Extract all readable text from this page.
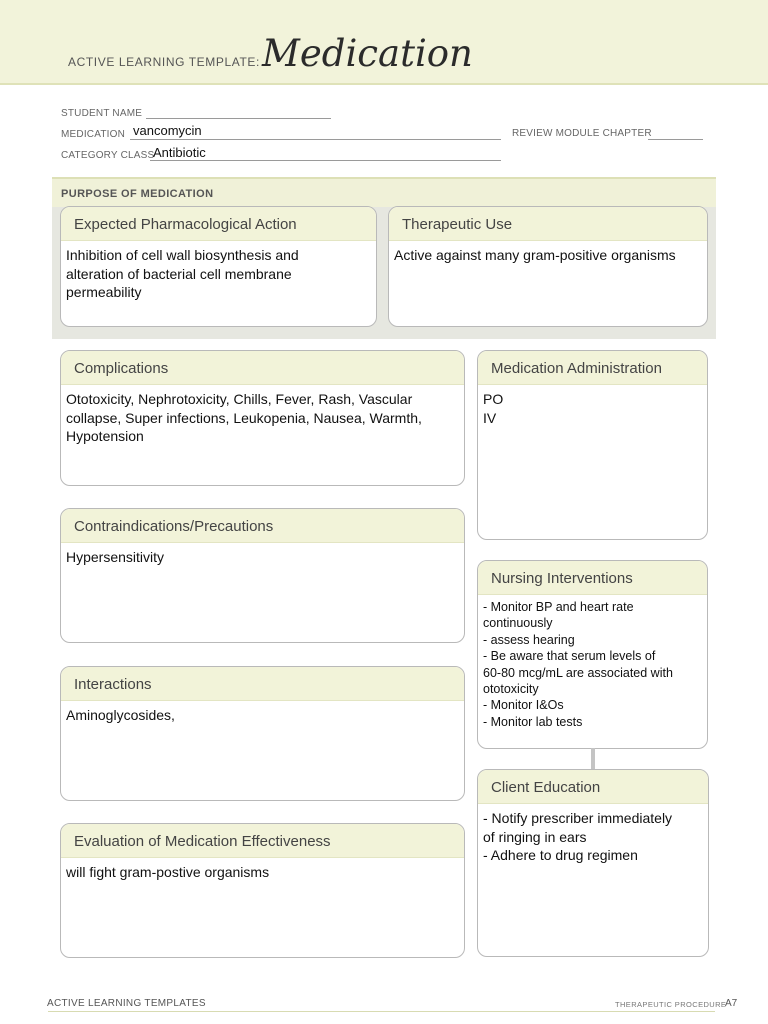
ACTIVE LEARNING TEMPLATE: Medication
STUDENT NAME
MEDICATION vancomycin	REVIEW MODULE CHAPTER
CATEGORY CLASS
Antibiotic
PURPOSE OF MEDICATION
Expected Pharmacological Action
Inhibition of cell wall biosynthesis and
alteration of bacterial cell membrane
permeability
Therapeutic Use
Active against many gram-positive organisms
Complications
Ototoxicity, Nephrotoxicity, Chills, Fever, Rash, Vascular
collapse, Super infections, Leukopenia, Nausea, Warmth,
Hypotension
Medication Administration
PO
IV
Contraindications/Precautions
Hypersensitivity
Nursing Interventions
- Monitor BP and heart rate
continuously
- assess hearing
- Be aware that serum levels of
60-80 mcg/mL are associated with
ototoxicity
- Monitor I&Os
- Monitor lab tests
Interactions
Aminoglycosides,
Client Education
- Notify prescriber immediately
of ringing in ears
- Adhere to drug regimen
Evaluation of Medication Effectiveness
will fight gram-postive organisms
ACTIVE LEARNING TEMPLATES	THERAPEUTIC PROCEDURE
A7
